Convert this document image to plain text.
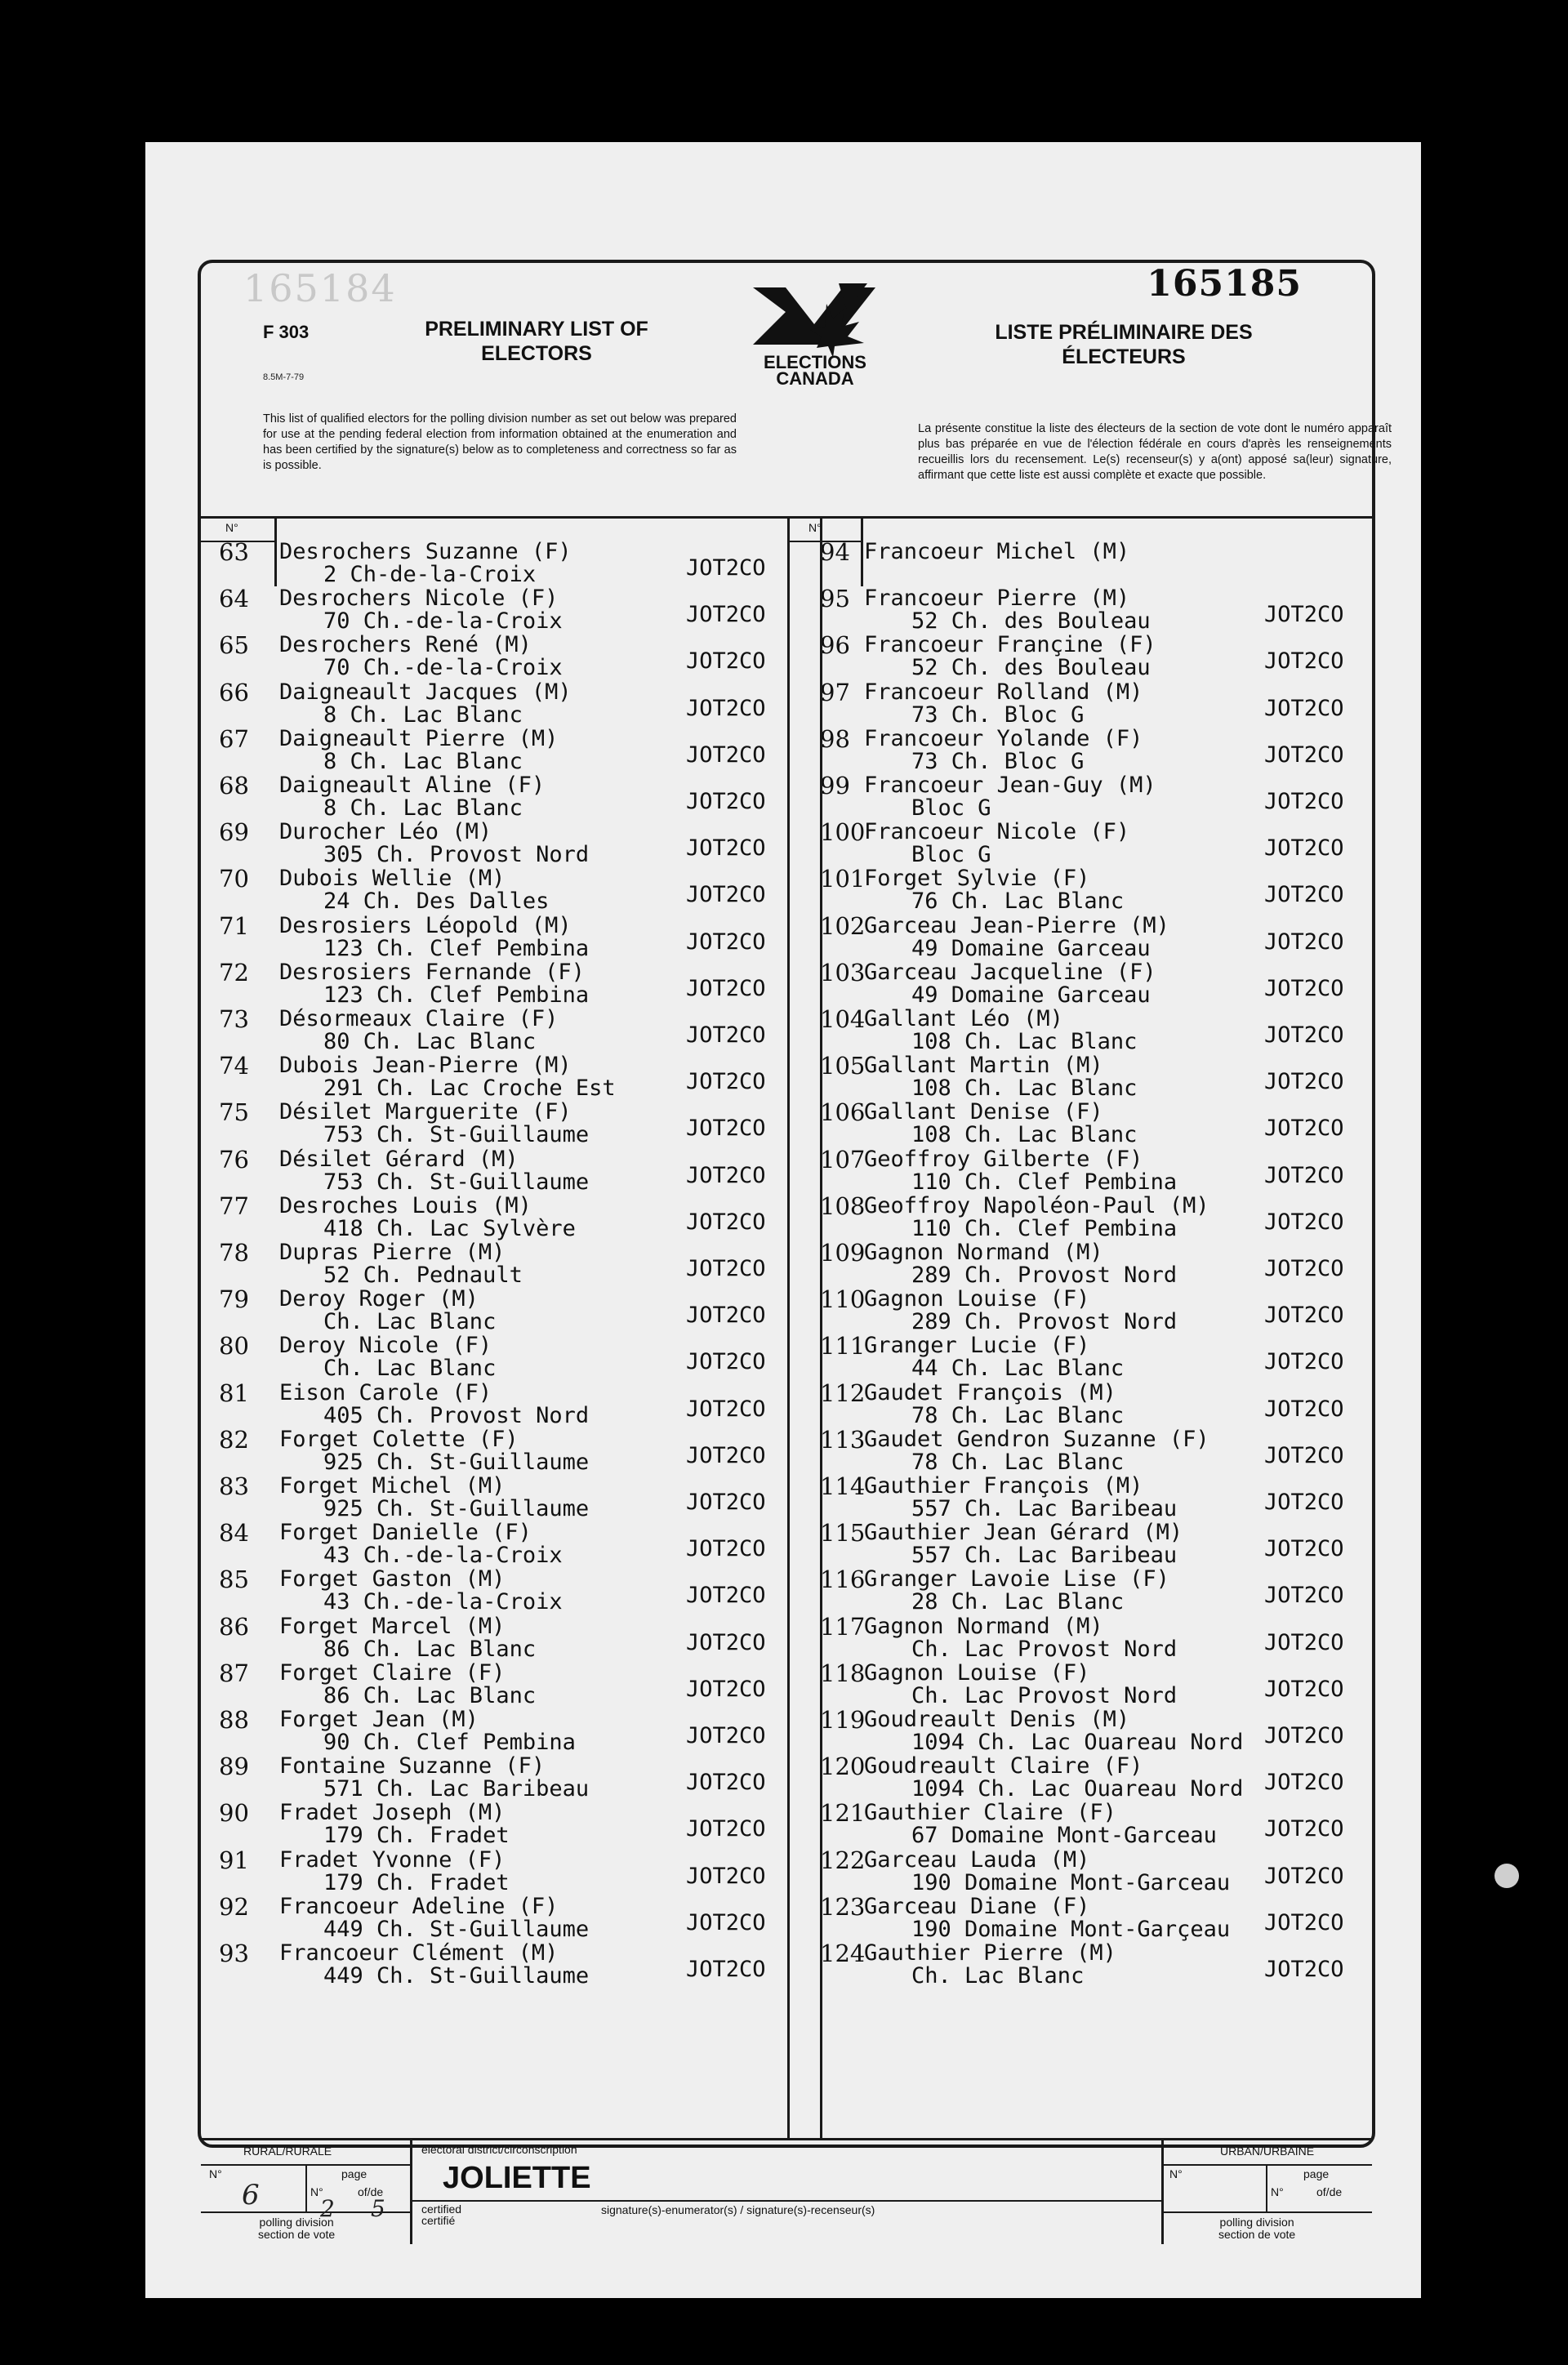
165184	165185
F 303
8.5M-7-79
PRELIMINARY LIST OF
ELECTORS	ELECTIONS
CANADA
LISTE PRÉLIMINAIRE DES
ÉLECTEURS
This list of qualified electors for the polling division number as set out below was prepared for use at the pending federal election from information obtained at the enumeration and has been certified by the signature(s) below as to completeness and correctness so far as is possible.
La présente constitue la liste des électeurs de la section de vote dont le numéro apparaît plus bas préparée en vue de l'élection fédérale en cours d'après les renseignements recueillis lors du recensement. Le(s) recenseur(s) y a(ont) apposé sa(leur) signature, affirmant que cette liste est aussi complète et exacte que possible.
N°	N°
63 Desrochers Suzanne (F)
2 Ch-de-la-Croix	JOT2CO
64 Desrochers Nicole (F)
70 Ch.-de-la-Croix	JOT2CO
65 Desrochers René (M)
70 Ch.-de-la-Croix	JOT2CO
66 Daigneault Jacques (M)
8 Ch. Lac Blanc	JOT2CO
67 Daigneault Pierre (M)
8 Ch. Lac Blanc	JOT2CO
68 Daigneault Aline (F)
8 Ch. Lac Blanc	JOT2CO
69 Durocher Léo (M)
305 Ch. Provost Nord	JOT2CO
70 Dubois Wellie (M)
24 Ch. Des Dalles	JOT2CO
71 Desrosiers Léopold (M)
123 Ch. Clef Pembina	JOT2CO
72 Desrosiers Fernande (F)
123 Ch. Clef Pembina	JOT2CO
73 Désormeaux Claire (F)
80 Ch. Lac Blanc	JOT2CO
74 Dubois Jean-Pierre (M)
291 Ch. Lac Croche Est	JOT2CO
75 Désilet Marguerite (F)
753 Ch. St-Guillaume	JOT2CO
76 Désilet Gérard (M)
753 Ch. St-Guillaume	JOT2CO
77 Desroches Louis (M)
418 Ch. Lac Sylvère	JOT2CO
78 Dupras Pierre (M)
52 Ch. Pednault	JOT2CO
79 Deroy Roger (M)
Ch. Lac Blanc	JOT2CO
80 Deroy Nicole (F)
Ch. Lac Blanc	JOT2CO
81 Eison Carole (F)
405 Ch. Provost Nord	JOT2CO
82 Forget Colette (F)
925 Ch. St-Guillaume	JOT2CO
83 Forget Michel (M)
925 Ch. St-Guillaume	JOT2CO
84 Forget Danielle (F)
43 Ch.-de-la-Croix	JOT2CO
85 Forget Gaston (M)
43 Ch.-de-la-Croix	JOT2CO
86 Forget Marcel (M)
86 Ch. Lac Blanc	JOT2CO
87 Forget Claire (F)
86 Ch. Lac Blanc	JOT2CO
88 Forget Jean (M)
90 Ch. Clef Pembina	JOT2CO
89 Fontaine Suzanne (F)
571 Ch. Lac Baribeau	JOT2CO
90 Fradet Joseph (M)
179 Ch. Fradet	JOT2CO
91 Fradet Yvonne (F)
179 Ch. Fradet	JOT2CO
92 Francoeur Adeline (F)
449 Ch. St-Guillaume	JOT2CO
93 Francoeur Clément (M)
449 Ch. St-Guillaume	JOT2CO
94 Francoeur Michel (M)
95 Francoeur Pierre (M)
52 Ch. des Bouleau	JOT2CO
96 Francoeur Françine (F)
52 Ch. des Bouleau	JOT2CO
97 Francoeur Rolland (M)
73 Ch. Bloc G	JOT2CO
98 Francoeur Yolande (F)
73 Ch. Bloc G	JOT2CO
99 Francoeur Jean-Guy (M)
Bloc G	JOT2CO
100
Francoeur Nicole (F)
Bloc G	JOT2CO
101
Forget Sylvie (F)
76 Ch. Lac Blanc	JOT2CO
102
Garceau Jean-Pierre (M)
49 Domaine Garceau	JOT2CO
103
Garceau Jacqueline (F)
49 Domaine Garceau	JOT2CO
104
Gallant Léo (M)
108 Ch. Lac Blanc	JOT2CO
105
Gallant Martin (M)
108 Ch. Lac Blanc	JOT2CO
106
Gallant Denise (F)
108 Ch. Lac Blanc	JOT2CO
107
Geoffroy Gilberte (F)
110 Ch. Clef Pembina	JOT2CO
108
Geoffroy Napoléon-Paul (M)
110 Ch. Clef Pembina	JOT2CO
109
Gagnon Normand (M)
289 Ch. Provost Nord	JOT2CO
110
Gagnon Louise (F)
289 Ch. Provost Nord	JOT2CO
111
Granger Lucie (F)
44 Ch. Lac Blanc	JOT2CO
112
Gaudet François (M)
78 Ch. Lac Blanc	JOT2CO
113
Gaudet Gendron Suzanne (F)
78 Ch. Lac Blanc	JOT2CO
114
Gauthier François (M)
557 Ch. Lac Baribeau	JOT2CO
115
Gauthier Jean Gérard (M)
557 Ch. Lac Baribeau	JOT2CO
116
Granger Lavoie Lise (F)
28 Ch. Lac Blanc	JOT2CO
117
Gagnon Normand (M)
Ch. Lac Provost Nord	JOT2CO
118
Gagnon Louise (F)
Ch. Lac Provost Nord	JOT2CO
119
Goudreault Denis (M)
1094 Ch. Lac Ouareau Nord JOT2CO
120
Goudreault Claire (F)
1094 Ch. Lac Ouareau Nord JOT2CO
121
Gauthier Claire (F)
67 Domaine Mont-Garceau JOT2CO
122
Garceau Lauda (M)
190 Domaine Mont-Garceau JOT2CO
123
Garceau Diane (F)
190 Domaine Mont-Garçeau JOT2CO
124
Gauthier Pierre (M)
Ch. Lac Blanc	JOT2CO
RURAL/RURALE	URBAN/URBAINE
electoral district/circonscription
JOLIETTE
N°	page
N°	of/de
6	2 5
polling division
section de vote
certified
certifié
signature(s)-enumerator(s) / signature(s)-recenseur(s)
N°	page
N°	of/de
polling division
section de vote
